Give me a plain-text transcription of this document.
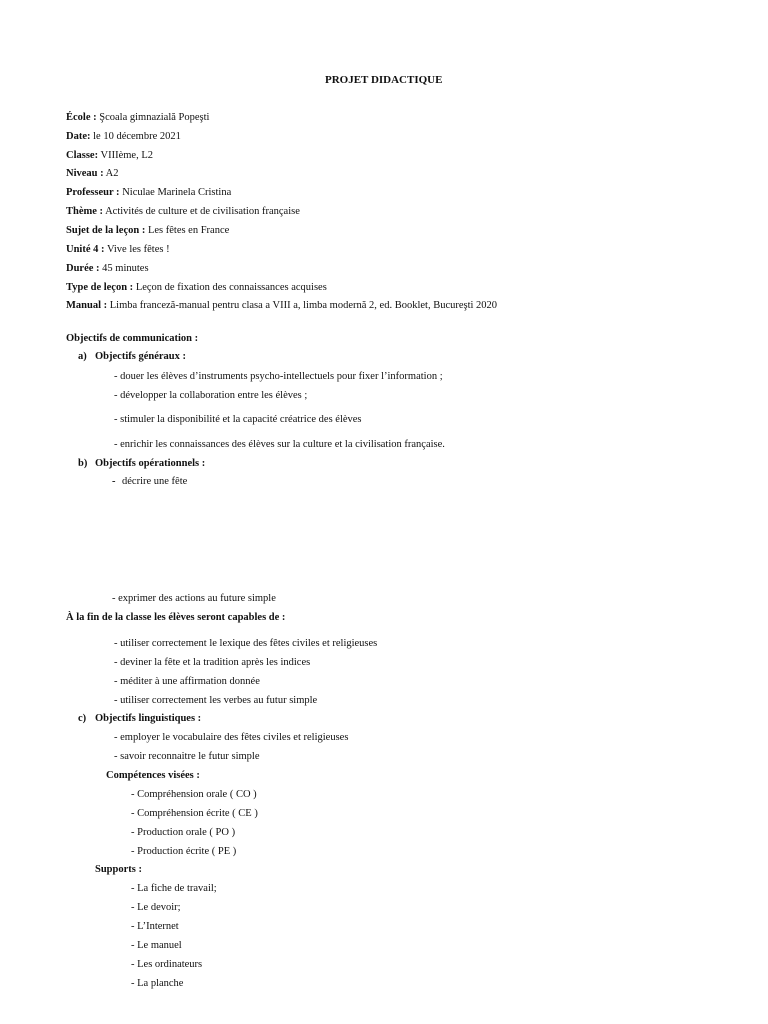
PROJET DIDACTIQUE
École : Şcoala gimnazială Popeşti
Date: le 10 décembre 2021
Classe: VIIIème, L2
Niveau : A2
Professeur : Niculae Marinela Cristina
Thème : Activités de culture et de civilisation française
Sujet de la leçon : Les fêtes en France
Unité 4 : Vive les fêtes !
Durée : 45 minutes
Type de leçon : Leçon de fixation des connaissances acquises
Manual : Limba franceză-manual pentru clasa a VIII a, limba modernă 2, ed. Booklet, Bucureşti 2020
Objectifs de communication :
a) Objectifs généraux :
- douer les élèves d’instruments psycho-intellectuels pour fixer l’information ;
- développer la collaboration entre les élèves ;
- stimuler la disponibilité et la capacité créatrice des élèves
- enrichir les connaissances des élèves sur la culture et la civilisation française.
b) Objectifs opérationnels :
- décrire une fête
- exprimer des actions au future simple
À la fin de la classe les élèves seront capables de :
- utiliser correctement le lexique des fêtes civiles et religieuses
- deviner la fête et la tradition après les indices
- méditer à une affirmation donnée
- utiliser correctement les verbes au futur simple
c) Objectifs linguistiques :
- employer le vocabulaire des fêtes civiles et religieuses
- savoir reconnaitre le futur simple
Compétences visées :
- Compréhension orale ( CO )
- Compréhension écrite ( CE )
- Production orale ( PO )
- Production écrite ( PE )
Supports :
- La fiche de travail;
- Le devoir;
- L’Internet
- Le manuel
- Les ordinateurs
- La planche
